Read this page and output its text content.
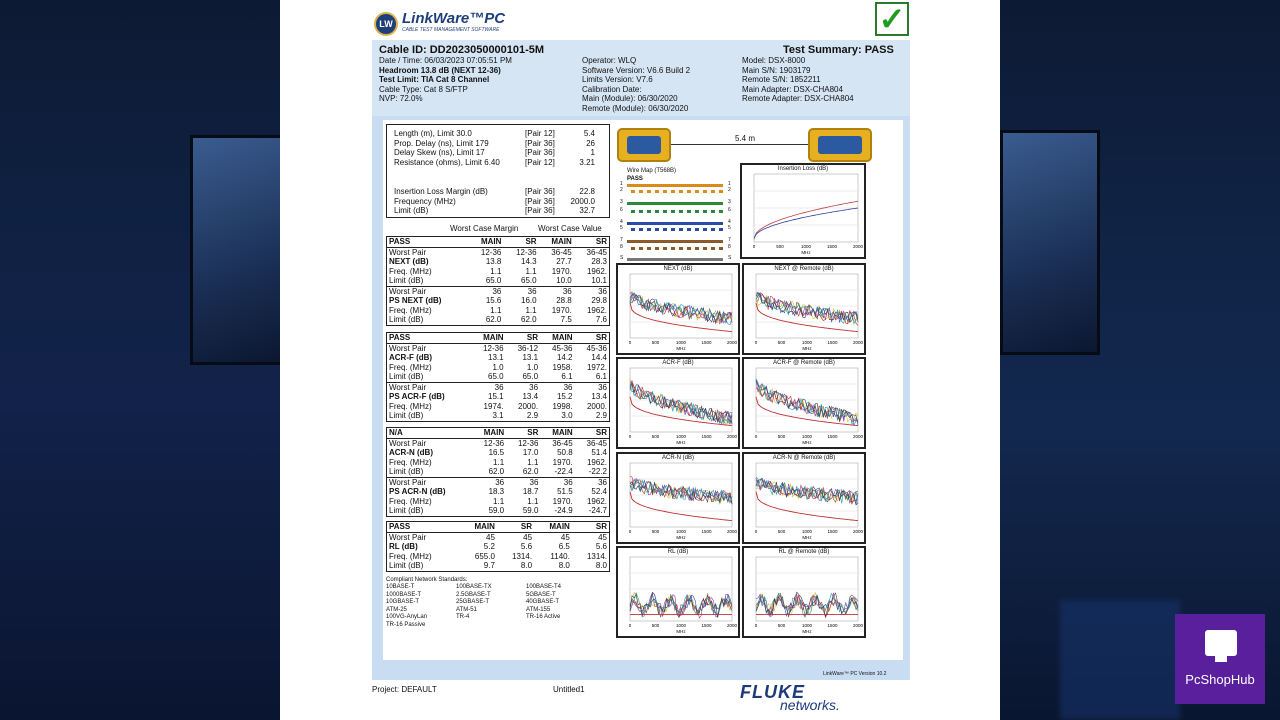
LW LinkWare™PC
CABLE TEST MANAGEMENT SOFTWARE	✓
Cable ID: DD2023050000101-5M	Test Summary: PASS
Date / Time: 06/03/2023 07:05:51 PM
Headroom 13.8 dB (NEXT 12-36)
Test Limit: TIA Cat 8 Channel
Cable Type: Cat 8 S/FTP
NVP: 72.0%
Operator: WLQ
Software Version: V6.6 Build 2
Limits Version: V7.6
Calibration Date:
Main (Module): 06/30/2020
Remote (Module): 06/30/2020
Model: DSX-8000
Main S/N: 1903179
Remote S/N: 1852211
Main Adapter: DSX-CHA804
Remote Adapter: DSX-CHA804
Length (m), Limit 30.0	[Pair 12]	5.4
Prop. Delay (ns), Limit 179	[Pair 36]	26
Delay Skew (ns), Limit 17	[Pair 36]	1
Resistance (ohms), Limit 6.40	[Pair 12]	3.21
Insertion Loss Margin (dB)	[Pair 36]	22.8
Frequency (MHz)	[Pair 36] 2000.0
Limit (dB)	[Pair 36]	32.7
Worst Case Margin Worst Case Value
PASS	MAIN	SR	MAIN	SR
Worst Pair	12-36	12-36	36-45	36-45
NEXT (dB)	13.8	14.3	27.7	28.3
Freq. (MHz)	1.1	1.1	1970.	1962.
Limit (dB)	65.0	65.0	10.0	10.1
Worst Pair	36	36	36	36
PS NEXT (dB)	15.6	16.0	28.8	29.8
Freq. (MHz)	1.1	1.1	1970.	1962.
Limit (dB)	62.0	62.0	7.5	7.6
PASS	MAIN	SR	MAIN	SR
Worst Pair	12-36	36-12	45-36	45-36
ACR-F (dB)	13.1	13.1	14.2	14.4
Freq. (MHz)	1.0	1.0	1958.	1972.
Limit (dB)	65.0	65.0	6.1	6.1
Worst Pair	36	36	36	36
PS ACR-F (dB)	15.1	13.4	15.2	13.4
Freq. (MHz)	1974.	2000.	1998.	2000.
Limit (dB)	3.1	2.9	3.0	2.9
N/A	MAIN	SR	MAIN	SR
Worst Pair	12-36	12-36	36-45	36-45
ACR-N (dB)	16.5	17.0	50.8	51.4
Freq. (MHz)	1.1	1.1	1970.	1962.
Limit (dB)	62.0	62.0	-22.4	-22.2
Worst Pair	36	36	36	36
PS ACR-N (dB)	18.3	18.7	51.5	52.4
Freq. (MHz)	1.1	1.1	1970.	1962.
Limit (dB)	59.0	59.0	-24.9	-24.7
PASS	MAIN	SR	MAIN	SR
Worst Pair	45	45	45	45
RL (dB)	5.2	5.6	6.5	5.6
Freq. (MHz)	655.0	1314.	1140.	1314.
Limit (dB)	9.7	8.0	8.0	8.0
Compliant Network Standards:
10BASE-T	100BASE-TX	100BASE-T4
1000BASE-T	2.5GBASE-T	5GBASE-T
10GBASE-T	25GBASE-T	40GBASE-T
ATM-25	ATM-51	ATM-155
100VG-AnyLan	TR-4	TR-16 Active
TR-16 Passive
5.4 m
Wire Map (T568B)
PASS
1	1
2	2
3	3
6	6
4	4
5	5
7	7
8	8
S	S
Insertion Loss (dB)
0	500	1000	1500	2000
MHz
NEXT (dB)
0	500	1000	1500	2000
MHz
NEXT @ Remote (dB)
0	500	1000	1500	2000
MHz
ACR-F (dB)
0	500	1000	1500	2000
MHz
ACR-F @ Remote (dB)
0	500	1000	1500	2000
MHz
ACR-N (dB)
0	500	1000	1500	2000
MHz
ACR-N @ Remote (dB)
0	500	1000	1500	2000
MHz
RL (dB)
0	500	1000	1500	2000
MHz
RL @ Remote (dB)
0	500	1000	1500	2000
MHz
LinkWare™ PC Version 10.2
Project: DEFAULT	Untitled1	FLUKE
networks.
PcShopHub
